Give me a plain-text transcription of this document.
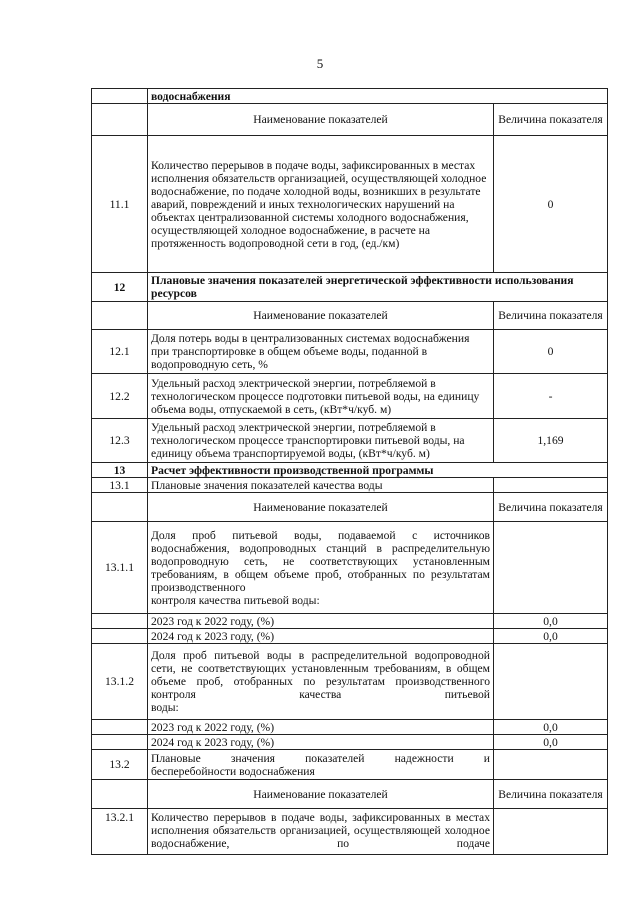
5
	водоснабжения	
	Наименование показателей	Величина показателя
11.1	Количество перерывов в подаче воды, зафиксированных в местах исполнения обязательств организацией, осуществляющей холодное водоснабжение, по подаче холодной воды, возникших в результате аварий, повреждений и иных технологических нарушений на объектах централизованной системы холодного водоснабжения, осуществляющей холодное водоснабжение, в расчете на протяженность водопроводной сети в год, (ед./км)	0
12	Плановые значения показателей энергетической эффективности использования ресурсов	
	Наименование показателей	Величина показателя
12.1	Доля потерь воды в централизованных системах водоснабжения при транспортировке в общем объеме воды, поданной в водопроводную сеть, %	0
12.2	Удельный расход электрической энергии, потребляемой в технологическом процессе подготовки питьевой воды, на единицу объема воды, отпускаемой в сеть, (кВт*ч/куб. м)	-
12.3	Удельный расход электрической энергии, потребляемой в технологическом процессе транспортировки питьевой воды, на единицу объема транспортируемой воды, (кВт*ч/куб. м)	1,169
13	Расчет эффективности производственной программы	
13.1	Плановые значения показателей качества воды	
	Наименование показателей	Величина показателя
13.1.1	Доля проб питьевой воды, подаваемой с источников водоснабжения, водопроводных станций в распределительную водопроводную сеть, не соответствующих установленным требованиям, в общем объеме проб, отобранных по результатам производственного
контроля качества питьевой воды:	

	2023 год к 2022 году, (%)	0,0
	2024 год к 2023 году, (%)	0,0
13.1.2	Доля проб питьевой воды в распределительной водопроводной сети, не соответствующих установленным требованиям, в общем объеме проб, отобранных по результатам производственного контроля качества питьевой
воды:	

	2023 год к 2022 году, (%)	0,0
	2024 год к 2023 году, (%)	0,0
13.2	Плановые значения показателей надежности и
бесперебойности водоснабжения	

	Наименование показателей	Величина показателя
13.2.1	Количество перерывов в подаче воды, зафиксированных в местах исполнения обязательств организацией, осуществляющей холодное водоснабжение, по подаче	
